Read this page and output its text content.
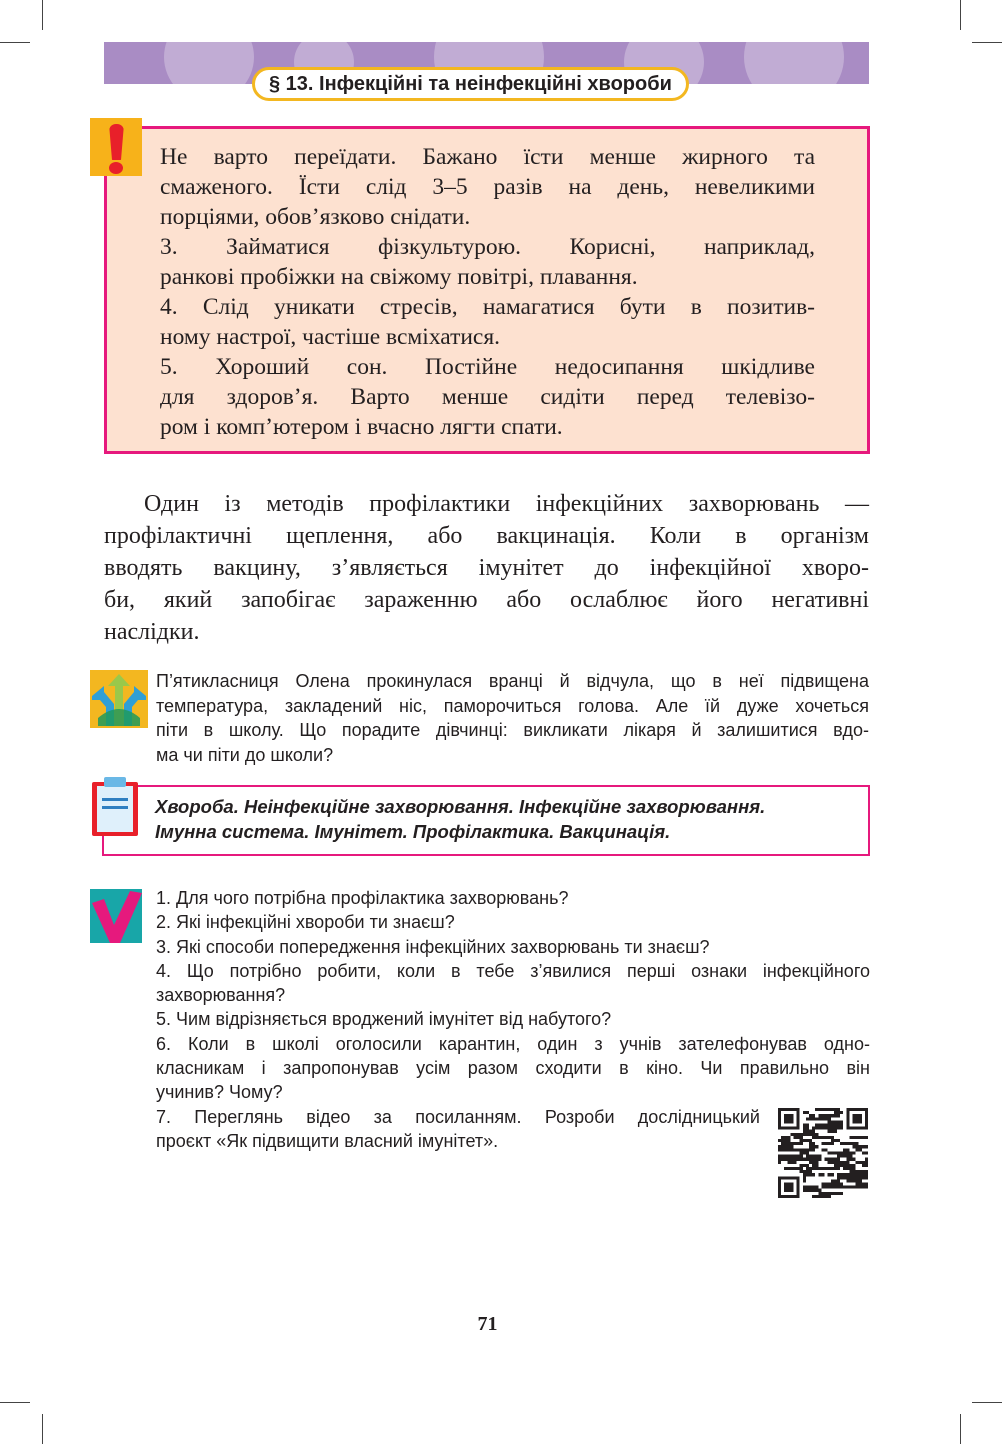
§ 13. Інфекційні та неінфекційні хвороби

Не варто переїдати. Бажано їсти менше жирного та

смаженого. Їсти слід 3–5 разів на день, невеликими

порціями, обов’язково снідати.

3. Займатися фізкультурою. Корисні, наприклад,

ранкові пробіжки на свіжому повітрі, плавання.

4. Слід уникати стресів, намагатися бути в позитив-

ному настрої, частіше всміхатися.

5. Хороший сон. Постійне недосипання шкідливе

для здоров’я. Варто менше сидіти перед телевізо-

ром і комп’ютером і вчасно лягти спати.

Один із методів профілактики інфекційних захворювань —

профілактичні щеплення, або вакцинація. Коли в організм

вводять вакцину, з’являється імунітет до інфекційної хворо-

би, який запобігає зараженню або ослаблює його негативні

наслідки.

П’ятикласниця Олена прокинулася вранці й відчула, що в неї підвищена

температура, закладений ніс, паморочиться голова. Але їй дуже хочеться

піти в школу. Що порадите дівчинці: викликати лікаря й залишитися вдо-

ма чи піти до школи?

Хвороба. Неінфекційне захворювання. Інфекційне захворювання.
Імунна система. Імунітет. Профілактика. Вакцинація.

1. Для чого потрібна профілактика захворювань?

2. Які інфекційні хвороби ти знаєш?

3. Які способи попередження інфекційних захворювань ти знаєш?

4. Що потрібно робити, коли в тебе з’явилися перші ознаки інфекційного

захворювання?

5. Чим відрізняється вроджений імунітет від набутого?

6. Коли в школі оголосили карантин, один з учнів зателефонував одно-

класникам і запропонував усім разом сходити в кіно. Чи правильно він

учинив? Чому?

7. Переглянь відео за посиланням. Розроби дослідницький

проєкт «Як підвищити власний імунітет».

71
